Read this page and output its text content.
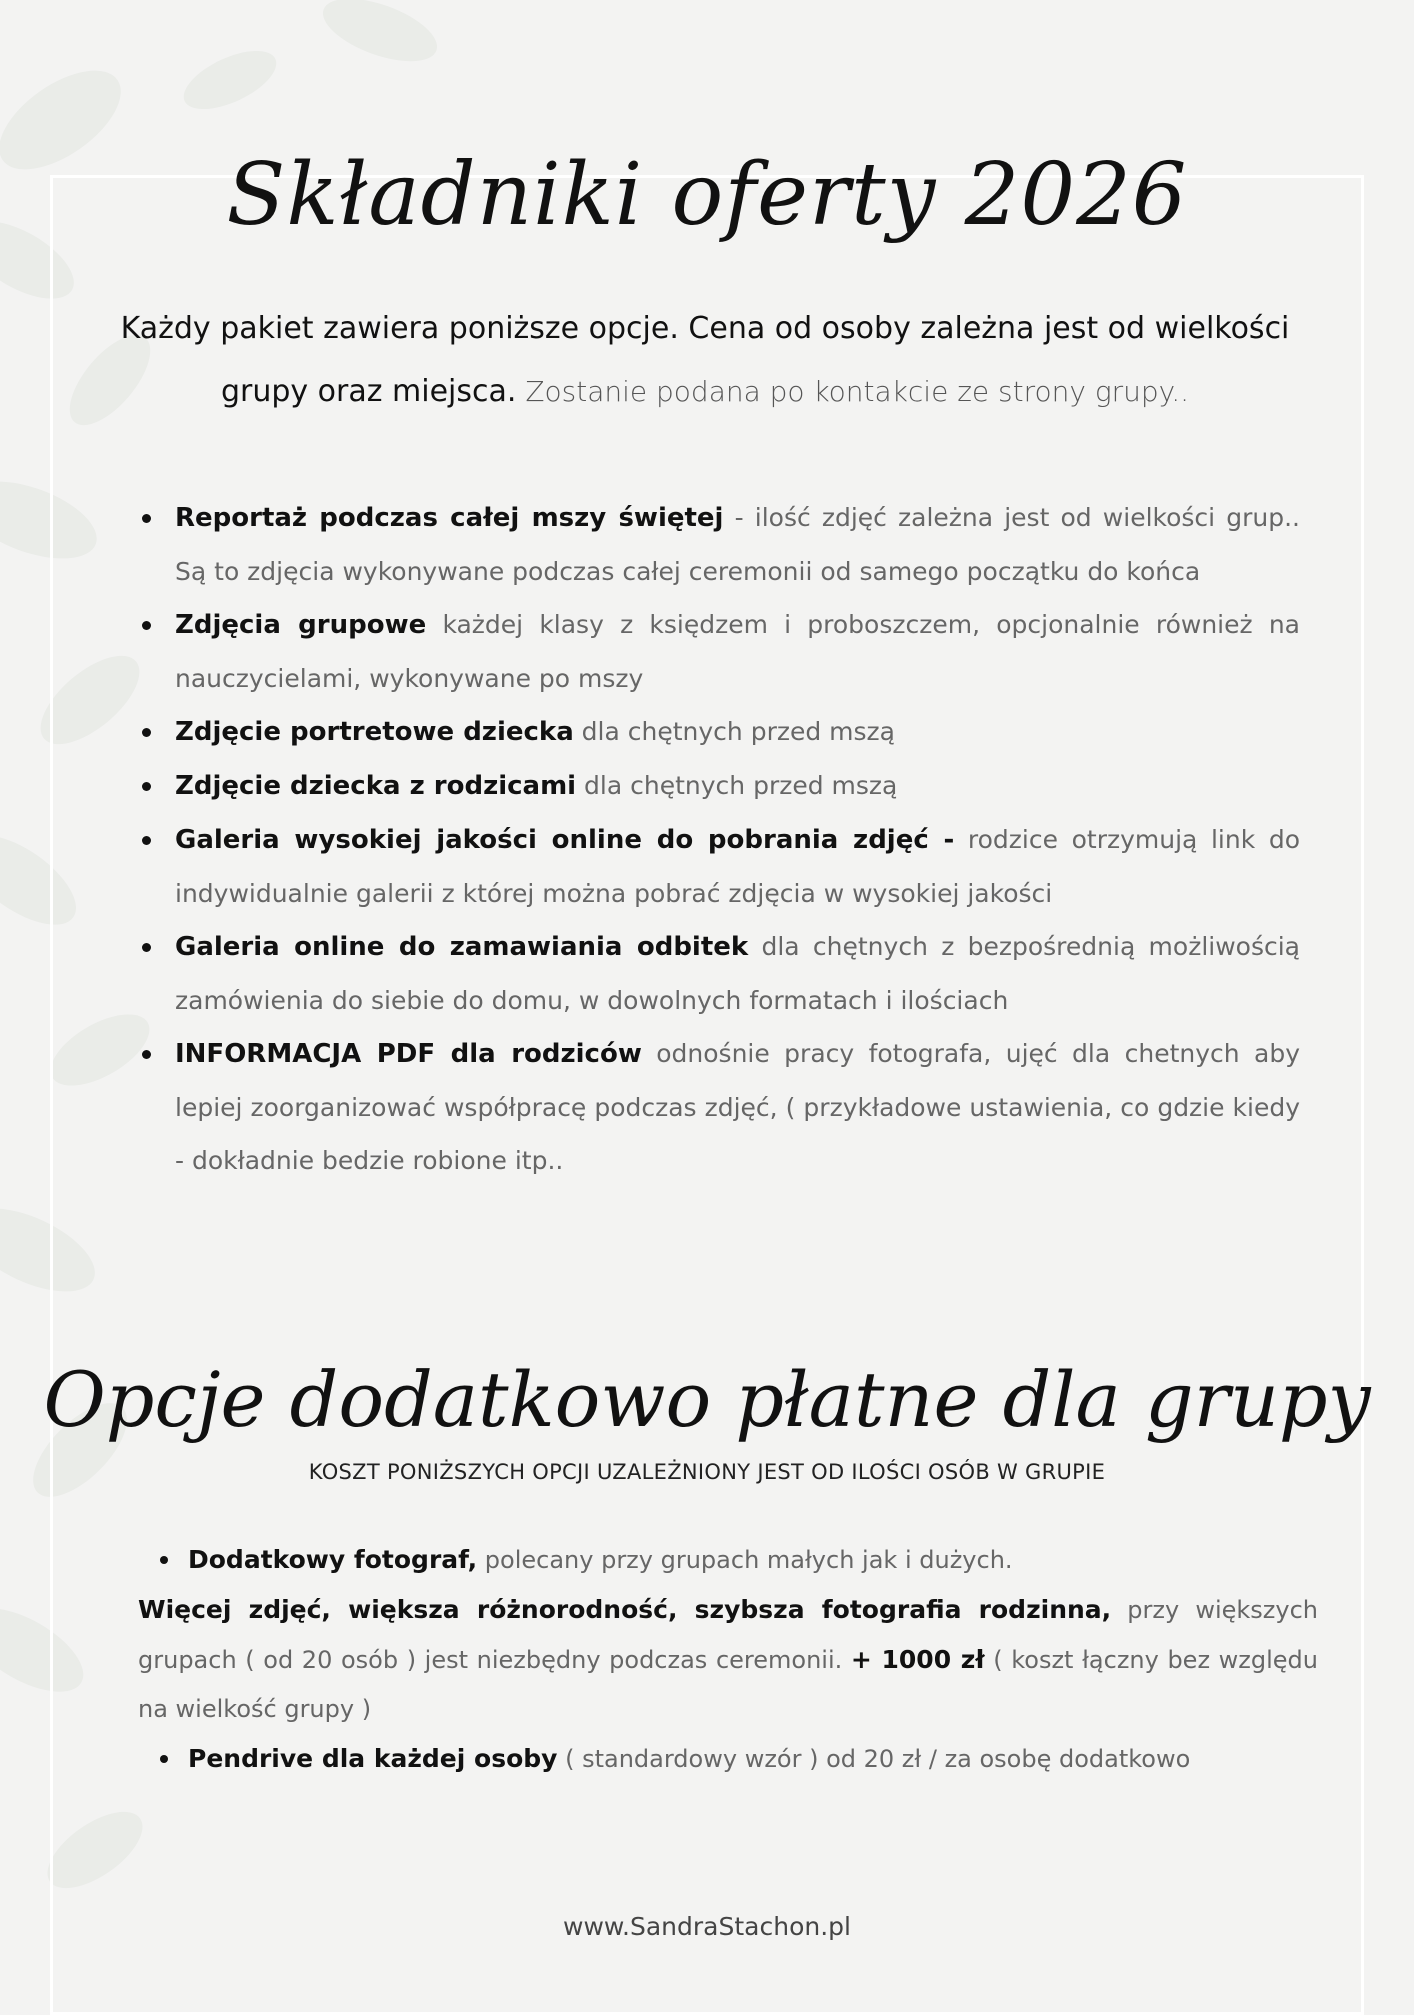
Składniki oferty 2026
Każdy pakiet zawiera poniższe opcje. Cena od osoby zależna jest od wielkości grupy oraz miejsca. Zostanie podana po kontakcie ze strony grupy..
Reportaż podczas całej mszy świętej - ilość zdjęć zależna jest od wielkości grup.. Są to zdjęcia wykonywane podczas całej ceremonii od samego początku do końca
Zdjęcia grupowe każdej klasy z księdzem i proboszczem, opcjonalnie również na nauczycielami, wykonywane po mszy
Zdjęcie portretowe dziecka dla chętnych przed mszą
Zdjęcie dziecka z rodzicami dla chętnych przed mszą
Galeria wysokiej jakości online do pobrania zdjęć - rodzice otrzymują link do indywidualnie galerii z której można pobrać zdjęcia w wysokiej jakości
Galeria online do zamawiania odbitek dla chętnych z bezpośrednią możliwością zamówienia do siebie do domu, w dowolnych formatach i ilościach
INFORMACJA PDF dla rodziców odnośnie pracy fotografa, ujęć dla chetnych aby lepiej zoorganizować współpracę podczas zdjęć, ( przykładowe ustawienia, co gdzie kiedy - dokładnie bedzie robione itp..
Opcje dodatkowo płatne dla grupy
KOSZT PONIŻSZYCH OPCJI UZALEŻNIONY JEST OD ILOŚCI OSÓB W GRUPIE
Dodatkowy fotograf, polecany przy grupach małych jak i dużych.
Więcej zdjęć, większa różnorodność, szybsza fotografia rodzinna, przy większych grupach ( od 20 osób ) jest niezbędny podczas ceremonii. + 1000 zł ( koszt łączny bez względu na wielkość grupy )
Pendrive dla każdej osoby ( standardowy wzór ) od 20 zł / za osobę dodatkowo
www.SandraStachon.pl
